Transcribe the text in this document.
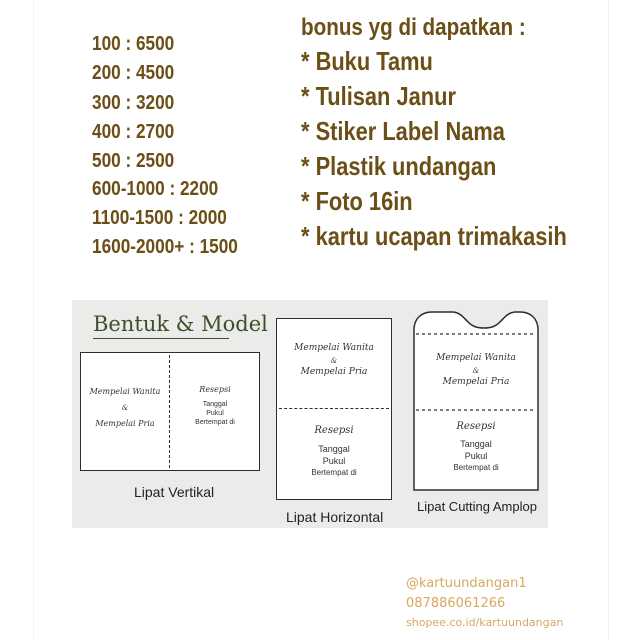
100 : 6500
200 : 4500
300 : 3200
400 : 2700
500 : 2500
600-1000 : 2200
1100-1500 : 2000
1600-2000+ : 1500
bonus yg di dapatkan :
* Buku Tamu
* Tulisan Janur
* Stiker Label Nama
* Plastik undangan
* Foto 16in
* kartu ucapan trimakasih
Bentuk & Model
Mempelai Wanita
&
Mempelai Pria
Resepsi
Tanggal
Pukul
Bertempat di
Lipat Vertikal
Mempelai Wanita
&
Mempelai Pria
Resepsi
Tanggal
Pukul
Bertempat di
Lipat Horizontal
Mempelai Wanita
&
Mempelai Pria
Resepsi
Tanggal
Pukul
Bertempat di
Lipat Cutting Amplop
@kartuundangan1
087886061266
shopee.co.id/kartuundangan
